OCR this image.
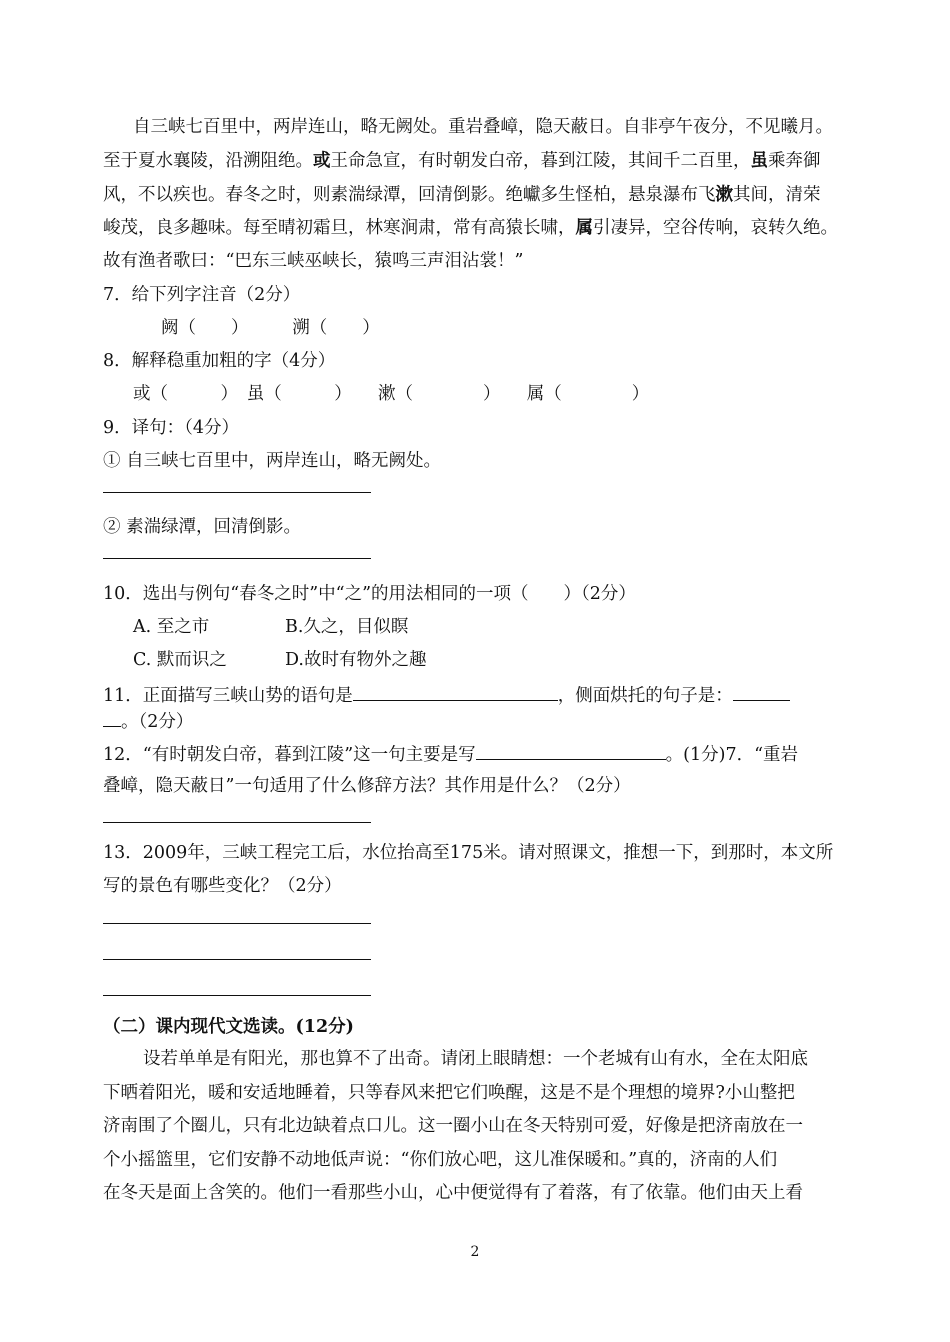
自三峡七百里中，两岸连山，略无阙处。重岩叠嶂，隐天蔽日。自非亭午夜分，不见曦月。
至于夏水襄陵，沿溯阻绝。或王命急宣，有时朝发白帝，暮到江陵，其间千二百里，虽乘奔御
风，不以疾也。春冬之时，则素湍绿潭，回清倒影。绝巘多生怪柏，悬泉瀑布飞漱其间，清荣
峻茂，良多趣味。每至晴初霜旦，林寒涧肃，常有高猿长啸，属引凄异，空谷传响，哀转久绝。
故有渔者歌曰：“巴东三峡巫峡长，猿鸣三声泪沾裳！”
7．给下列字注音（2分）
阙（　　）　　　溯（　　）
8．解释稳重加粗的字（4分）
或（　　　）　虽（　　　）　　漱（　　　　）　　属（　　　　）
9．译句：（4分）
① 自三峡七百里中，两岸连山，略无阙处。
② 素湍绿潭，回清倒影。
10．选出与例句“春冬之时”中“之”的用法相同的一项（　　）（2分）
A. 至之市	B.久之，目似瞑
C. 默而识之	D.故时有物外之趣
11．正面描写三峡山势的语句是	，侧面烘托的句子是：
。（2分）
12．“有时朝发白帝，暮到江陵”这一句主要是写	。(1分)7．“重岩
叠嶂，隐天蔽日”一句适用了什么修辞方法？其作用是什么？（2分）
13．2009年，三峡工程完工后，水位抬高至175米。请对照课文，推想一下，到那时，本文所
写的景色有哪些变化？（2分）
（二）课内现代文选读。(12分)
设若单单是有阳光，那也算不了出奇。请闭上眼睛想：一个老城有山有水，全在太阳底
下晒着阳光，暖和安适地睡着，只等春风来把它们唤醒，这是不是个理想的境界?小山整把
济南围了个圈儿，只有北边缺着点口儿。这一圈小山在冬天特别可爱，好像是把济南放在一
个小摇篮里，它们安静不动地低声说：“你们放心吧，这儿准保暖和。”真的，济南的人们
在冬天是面上含笑的。他们一看那些小山，心中便觉得有了着落，有了依靠。他们由天上看
2
